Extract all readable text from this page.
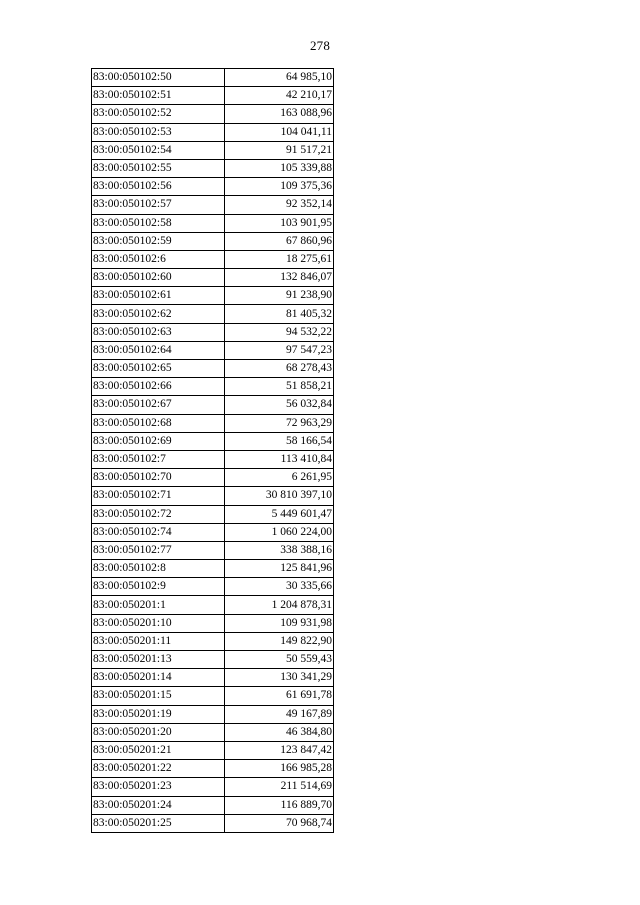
278
83:00:050102:50	64 985,10
83:00:050102:51	42 210,17
83:00:050102:52	163 088,96
83:00:050102:53	104 041,11
83:00:050102:54	91 517,21
83:00:050102:55	105 339,88
83:00:050102:56	109 375,36
83:00:050102:57	92 352,14
83:00:050102:58	103 901,95
83:00:050102:59	67 860,96
83:00:050102:6	18 275,61
83:00:050102:60	132 846,07
83:00:050102:61	91 238,90
83:00:050102:62	81 405,32
83:00:050102:63	94 532,22
83:00:050102:64	97 547,23
83:00:050102:65	68 278,43
83:00:050102:66	51 858,21
83:00:050102:67	56 032,84
83:00:050102:68	72 963,29
83:00:050102:69	58 166,54
83:00:050102:7	113 410,84
83:00:050102:70	6 261,95
83:00:050102:71	30 810 397,10
83:00:050102:72	5 449 601,47
83:00:050102:74	1 060 224,00
83:00:050102:77	338 388,16
83:00:050102:8	125 841,96
83:00:050102:9	30 335,66
83:00:050201:1	1 204 878,31
83:00:050201:10	109 931,98
83:00:050201:11	149 822,90
83:00:050201:13	50 559,43
83:00:050201:14	130 341,29
83:00:050201:15	61 691,78
83:00:050201:19	49 167,89
83:00:050201:20	46 384,80
83:00:050201:21	123 847,42
83:00:050201:22	166 985,28
83:00:050201:23	211 514,69
83:00:050201:24	116 889,70
83:00:050201:25	70 968,74
